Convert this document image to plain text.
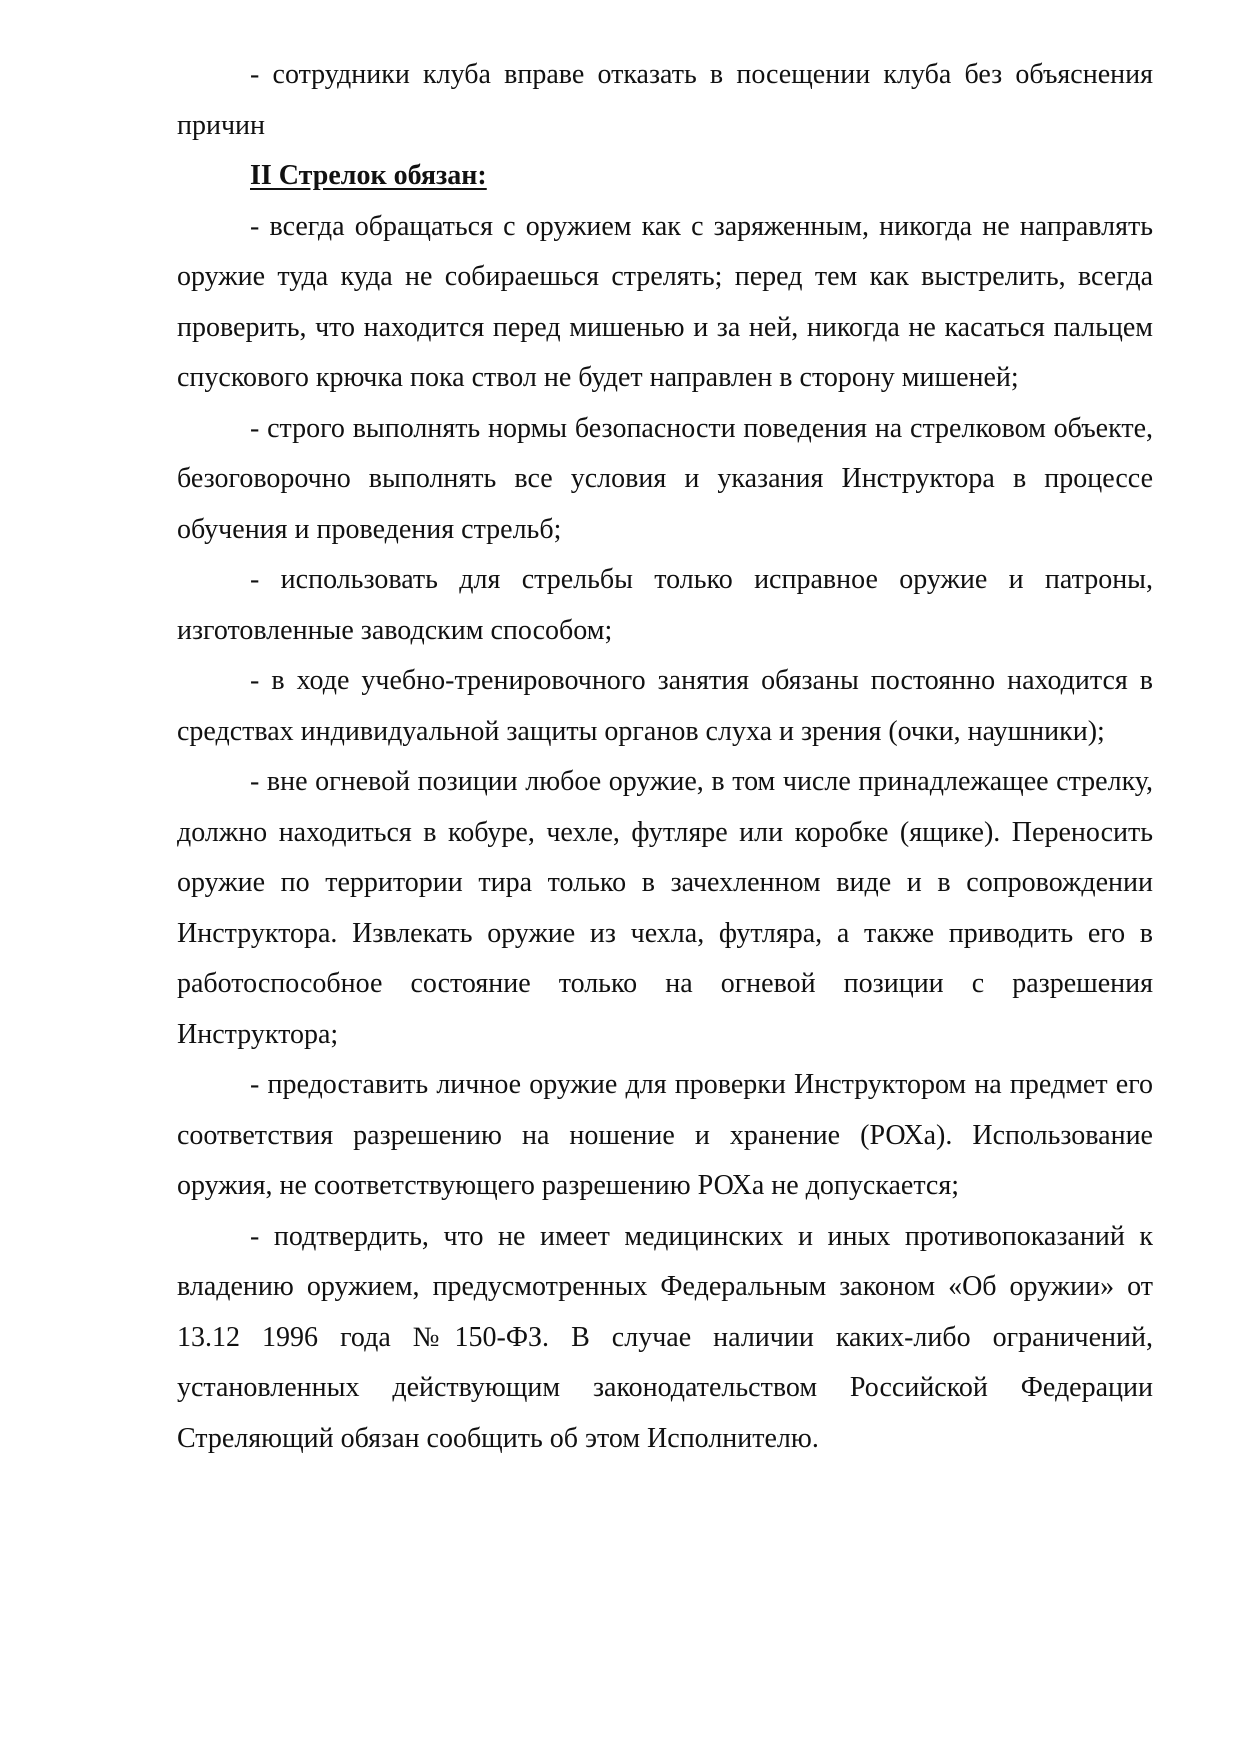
- сотрудники клуба вправе отказать в посещении клуба без объяснения причин

II Стрелок обязан:

- всегда обращаться с оружием как с заряженным, никогда не направлять оружие туда куда не собираешься стрелять; перед тем как выстрелить, всегда проверить, что находится перед мишенью и за ней, никогда не касаться пальцем спускового крючка пока ствол не будет направлен в сторону мишеней;

- строго выполнять нормы безопасности поведения на стрелковом объекте, безоговорочно выполнять все условия и указания Инструктора в процессе обучения и проведения стрельб;

- использовать для стрельбы только исправное оружие и патроны, изготовленные заводским способом;

- в ходе учебно-тренировочного занятия обязаны постоянно находится в средствах индивидуальной защиты органов слуха и зрения (очки, наушники);

- вне огневой позиции любое оружие, в том числе принадлежащее стрелку, должно находиться в кобуре, чехле, футляре или коробке (ящике). Переносить оружие по территории тира только в зачехленном виде и в сопровождении Инструктора. Извлекать оружие из чехла, футляра, а также приводить его в работоспособное состояние только на огневой позиции с разрешения Инструктора;

- предоставить личное оружие для проверки Инструктором на предмет его соответствия разрешению на ношение и хранение (РОХа). Использование оружия, не соответствующего разрешению РОХа не допускается;

- подтвердить, что не имеет медицинских и иных противопоказаний к владению оружием, предусмотренных Федеральным законом «Об оружии» от 13.12 1996 года №150-ФЗ. В случае наличии каких-либо ограничений, установленных действующим законодательством Российской Федерации Стреляющий обязан сообщить об этом Исполнителю.
